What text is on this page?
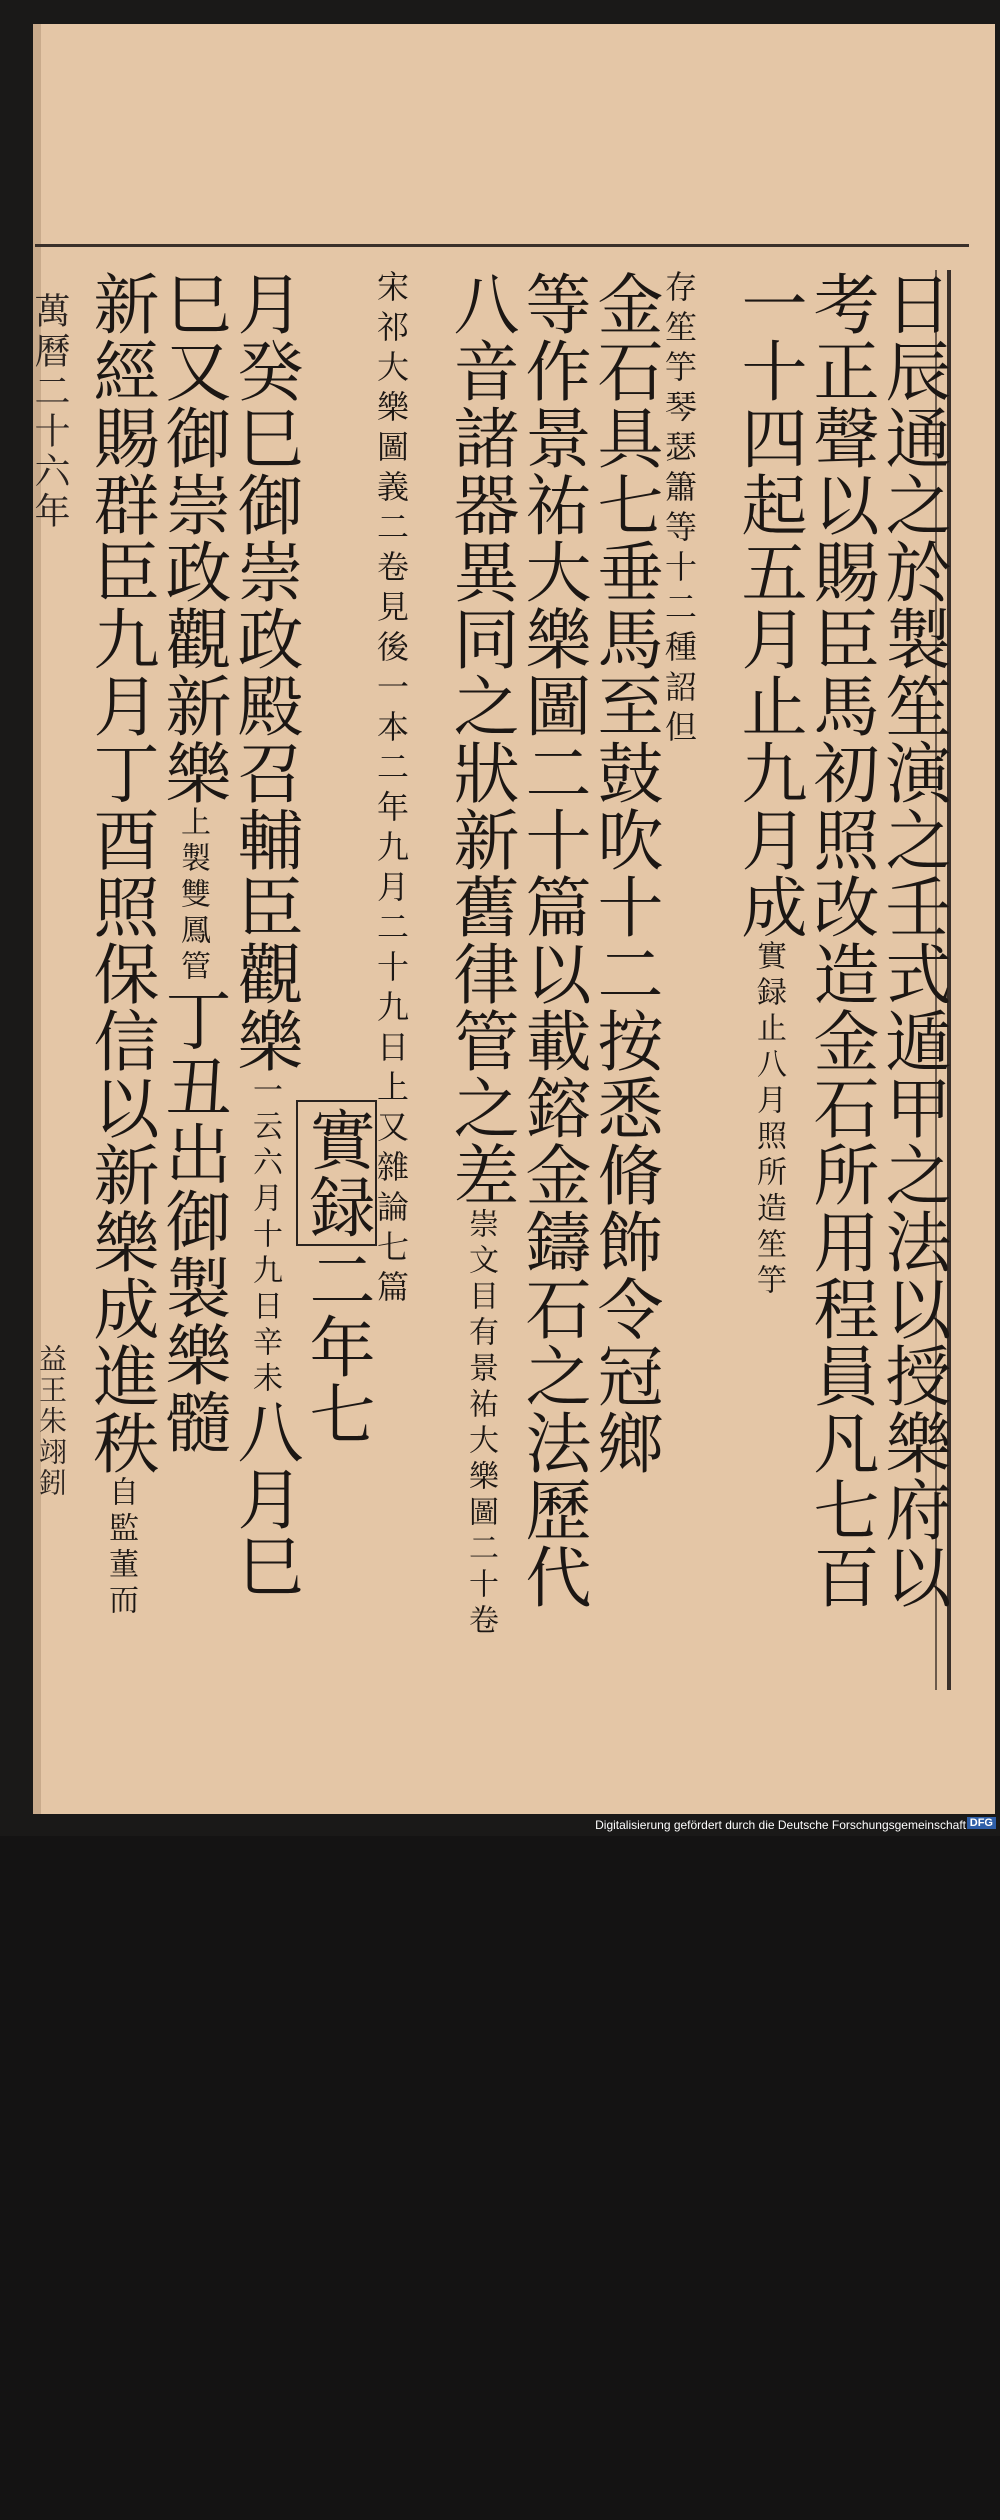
萬曆二十六年
益王朱翊鈏	日辰通之於製笙演之壬式遁甲之法以授樂府以
考正聲以賜臣馬初照改造金石所用程員凡七百
一十四起五月止九月成實録止八月照所造笙竽
存笙竽琴瑟簫等十二種詔但
金石具七垂馬至鼓吹十二按悉脩飾令冠鄉
等作景祐大樂圖二十篇以載鎔金鑄石之法歷代
八音諸器異同之狀新舊律管之差崇文目有景祐大樂圖二十卷
宋祁大樂圖義二卷見後一本二年九月二十九日上又雜論七篇
實録二年七
月癸巳御崇政殿召輔臣觀樂一云六月十九日辛未八月巳
巳又御崇政觀新樂上製雙鳳管丁丑出御製樂髓
新經賜群臣九月丁酉照保信以新樂成進秩自監董而
Digitalisierung gefördert durch die Deutsche Forschungsgemeinschaft DFG
